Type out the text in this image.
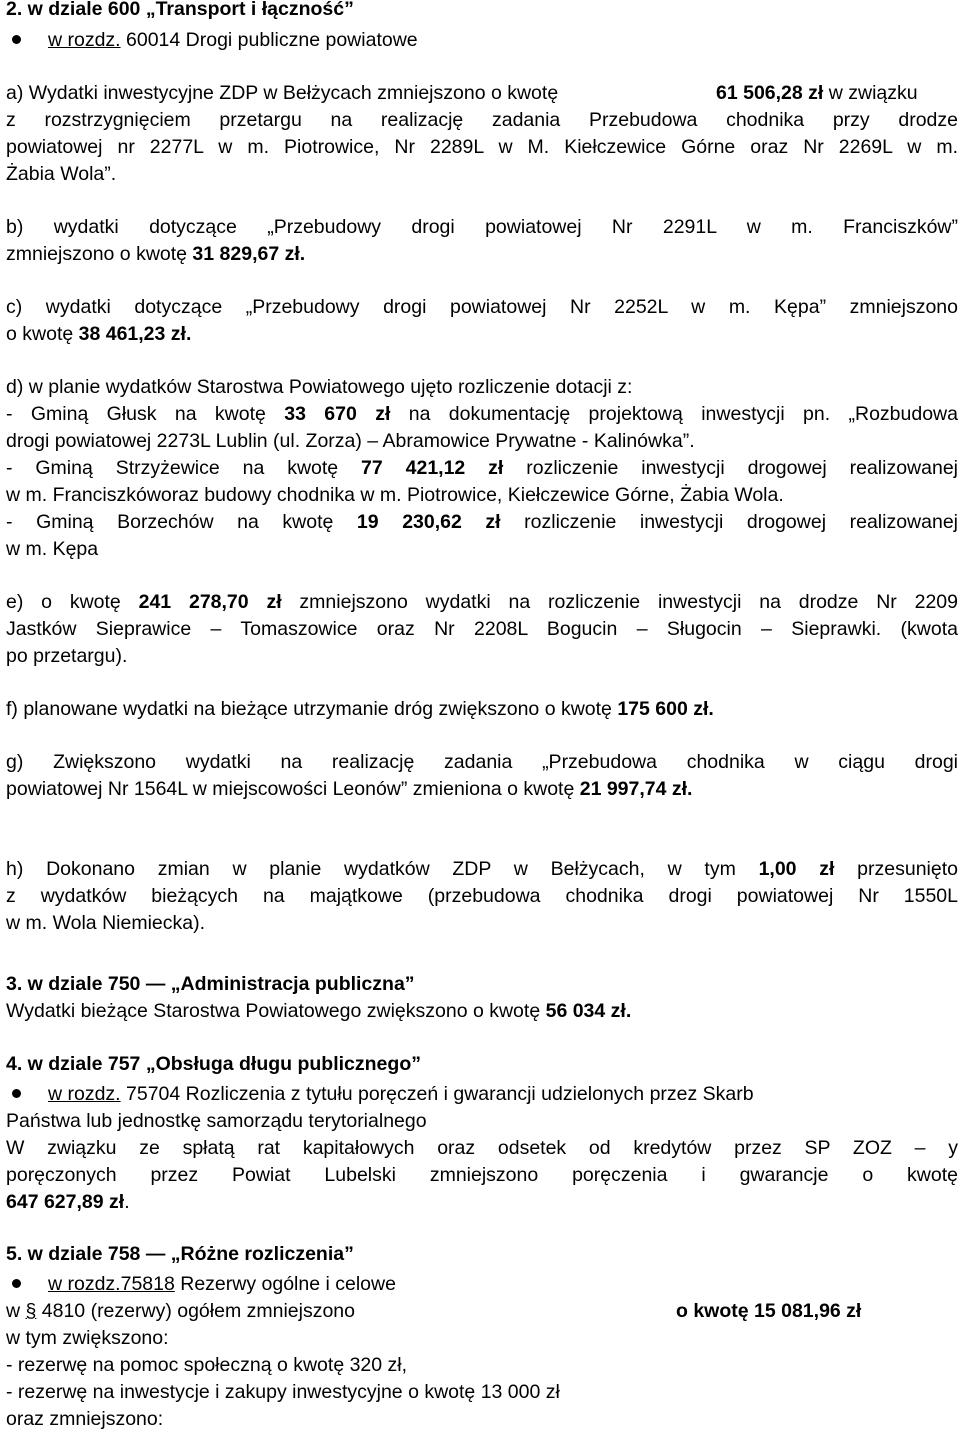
2. w dziale 600 „Transport i łączność”
w rozdz. 60014 Drogi publiczne powiatowe
a) Wydatki inwestycyjne ZDP w Bełżycach zmniejszono o kwotę	61 506,28 zł w związku
z rozstrzygnięciem przetargu na realizację zadania Przebudowa chodnika przy drodze
powiatowej nr 2277L w m. Piotrowice, Nr 2289L w M. Kiełczewice Górne oraz Nr 2269L w m.
Żabia Wola”.
b) wydatki dotyczące „Przebudowy drogi powiatowej Nr 2291L w m. Franciszków”
zmniejszono o kwotę 31 829,67 zł.
c) wydatki dotyczące „Przebudowy drogi powiatowej Nr 2252L w m. Kępa” zmniejszono
o kwotę 38 461,23 zł.
d) w planie wydatków Starostwa Powiatowego ujęto rozliczenie dotacji z:
- Gminą Głusk na kwotę 33 670 zł na dokumentację projektową inwestycji pn. „Rozbudowa
drogi powiatowej 2273L Lublin (ul. Zorza) – Abramowice Prywatne - Kalinówka”.
- Gminą Strzyżewice na kwotę 77 421,12 zł rozliczenie inwestycji drogowej realizowanej
w m. Franciszkóworaz budowy chodnika w m. Piotrowice, Kiełczewice Górne, Żabia Wola.
- Gminą Borzechów na kwotę 19 230,62 zł rozliczenie inwestycji drogowej realizowanej
w m. Kępa
e) o kwotę 241 278,70 zł zmniejszono wydatki na rozliczenie inwestycji na drodze Nr 2209
Jastków Sieprawice – Tomaszowice oraz Nr 2208L Bogucin – Sługocin – Sieprawki. (kwota
po przetargu).
f) planowane wydatki na bieżące utrzymanie dróg zwiększono o kwotę 175 600 zł.
g) Zwiększono wydatki na realizację zadania „Przebudowa chodnika w ciągu drogi
powiatowej Nr 1564L w miejscowości Leonów” zmieniona o kwotę 21 997,74 zł.
h) Dokonano zmian w planie wydatków ZDP w Bełżycach, w tym 1,00 zł przesunięto
z wydatków bieżących na majątkowe (przebudowa chodnika drogi powiatowej Nr 1550L
w m. Wola Niemiecka).
3. w dziale 750 — „Administracja publiczna”
Wydatki bieżące Starostwa Powiatowego zwiększono o kwotę 56 034 zł.
4. w dziale 757 „Obsługa długu publicznego”
w rozdz. 75704 Rozliczenia z tytułu poręczeń i gwarancji udzielonych przez Skarb
Państwa lub jednostkę samorządu terytorialnego
W związku ze spłatą rat kapitałowych oraz odsetek od kredytów przez SP ZOZ – y
poręczonych przez Powiat Lubelski zmniejszono poręczenia i gwarancje o kwotę
647 627,89 zł.
5. w dziale 758 — „Różne rozliczenia”
w rozdz.75818 Rezerwy ogólne i celowe
w § 4810 (rezerwy) ogółem zmniejszono	o kwotę 15 081,96 zł
w tym zwiększono:
- rezerwę na pomoc społeczną o kwotę 320 zł,
- rezerwę na inwestycje i zakupy inwestycyjne o kwotę 13 000 zł
oraz zmniejszono:
